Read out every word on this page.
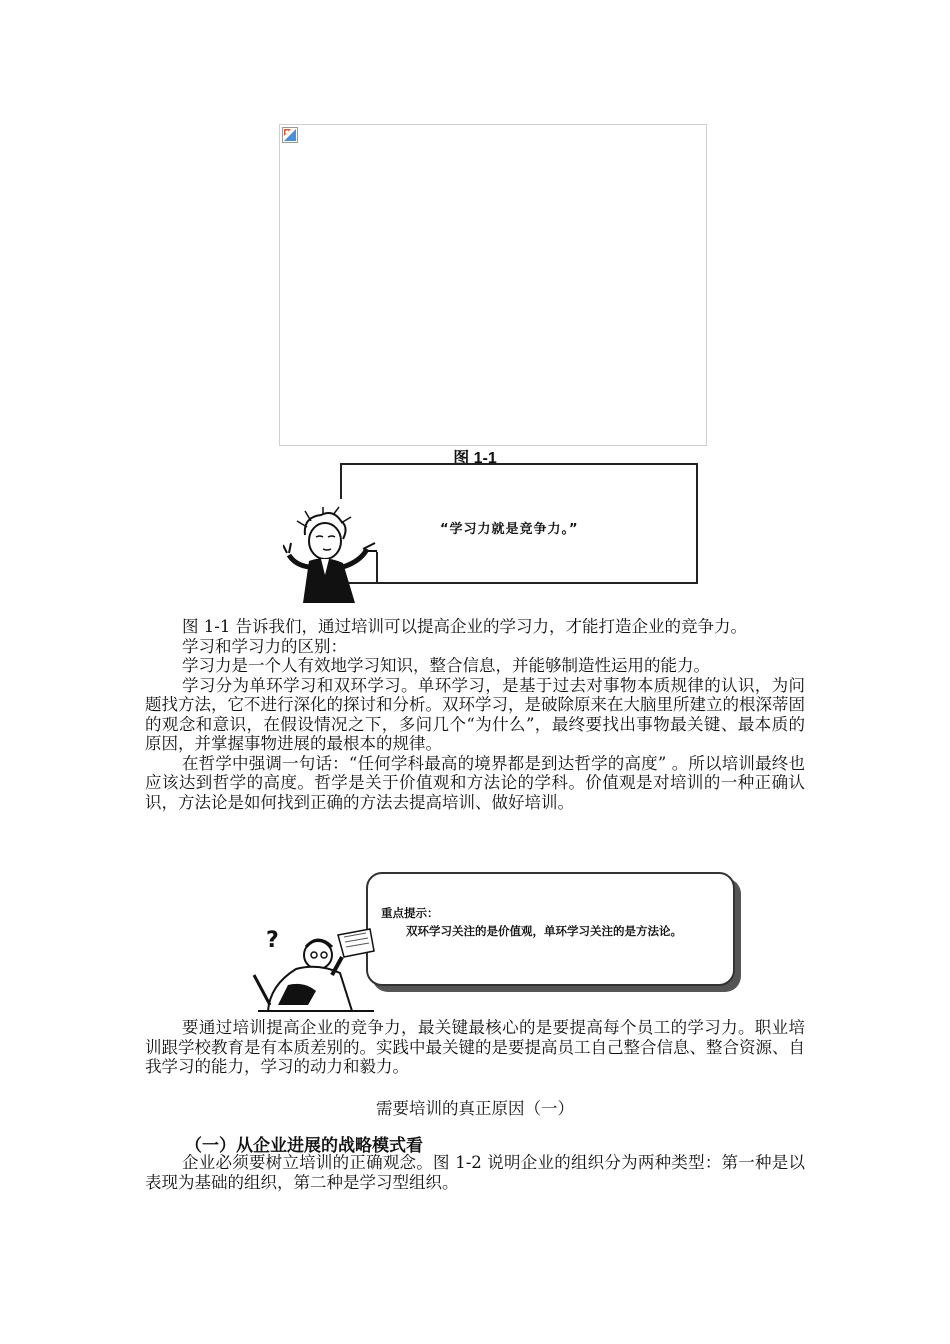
图 1-1
“学习力就是竞争力。”

图 1-1 告诉我们，通过培训可以提高企业的学习力，才能打造企业的竞争力。

学习和学习力的区别：

学习力是一个人有效地学习知识，整合信息，并能够制造性运用的能力。

学习分为单环学习和双环学习。单环学习，是基于过去对事物本质规律的认识，为问题找方法，它不进行深化的探讨和分析。双环学习，是破除原来在大脑里所建立的根深蒂固的观念和意识，在假设情况之下，多问几个“为什么”，最终要找出事物最关键、最本质的原因，并掌握事物进展的最根本的规律。

在哲学中强调一句话：“任何学科最高的境界都是到达哲学的高度” 。所以培训最终也应该达到哲学的高度。哲学是关于价值观和方法论的学科。价值观是对培训的一种正确认识，方法论是如何找到正确的方法去提高培训、做好培训。

重点提示：
双环学习关注的是价值观，单环学习关注的是方法论。
?

要通过培训提高企业的竞争力，最关键最核心的是要提高每个员工的学习力。职业培训跟学校教育是有本质差别的。实践中最关键的是要提高员工自己整合信息、整合资源、自我学习的能力，学习的动力和毅力。

需要培训的真正原因（一）
（一）从企业进展的战略模式看

企业必须要树立培训的正确观念。图 1-2 说明企业的组织分为两种类型：第一种是以表现为基础的组织，第二种是学习型组织。
